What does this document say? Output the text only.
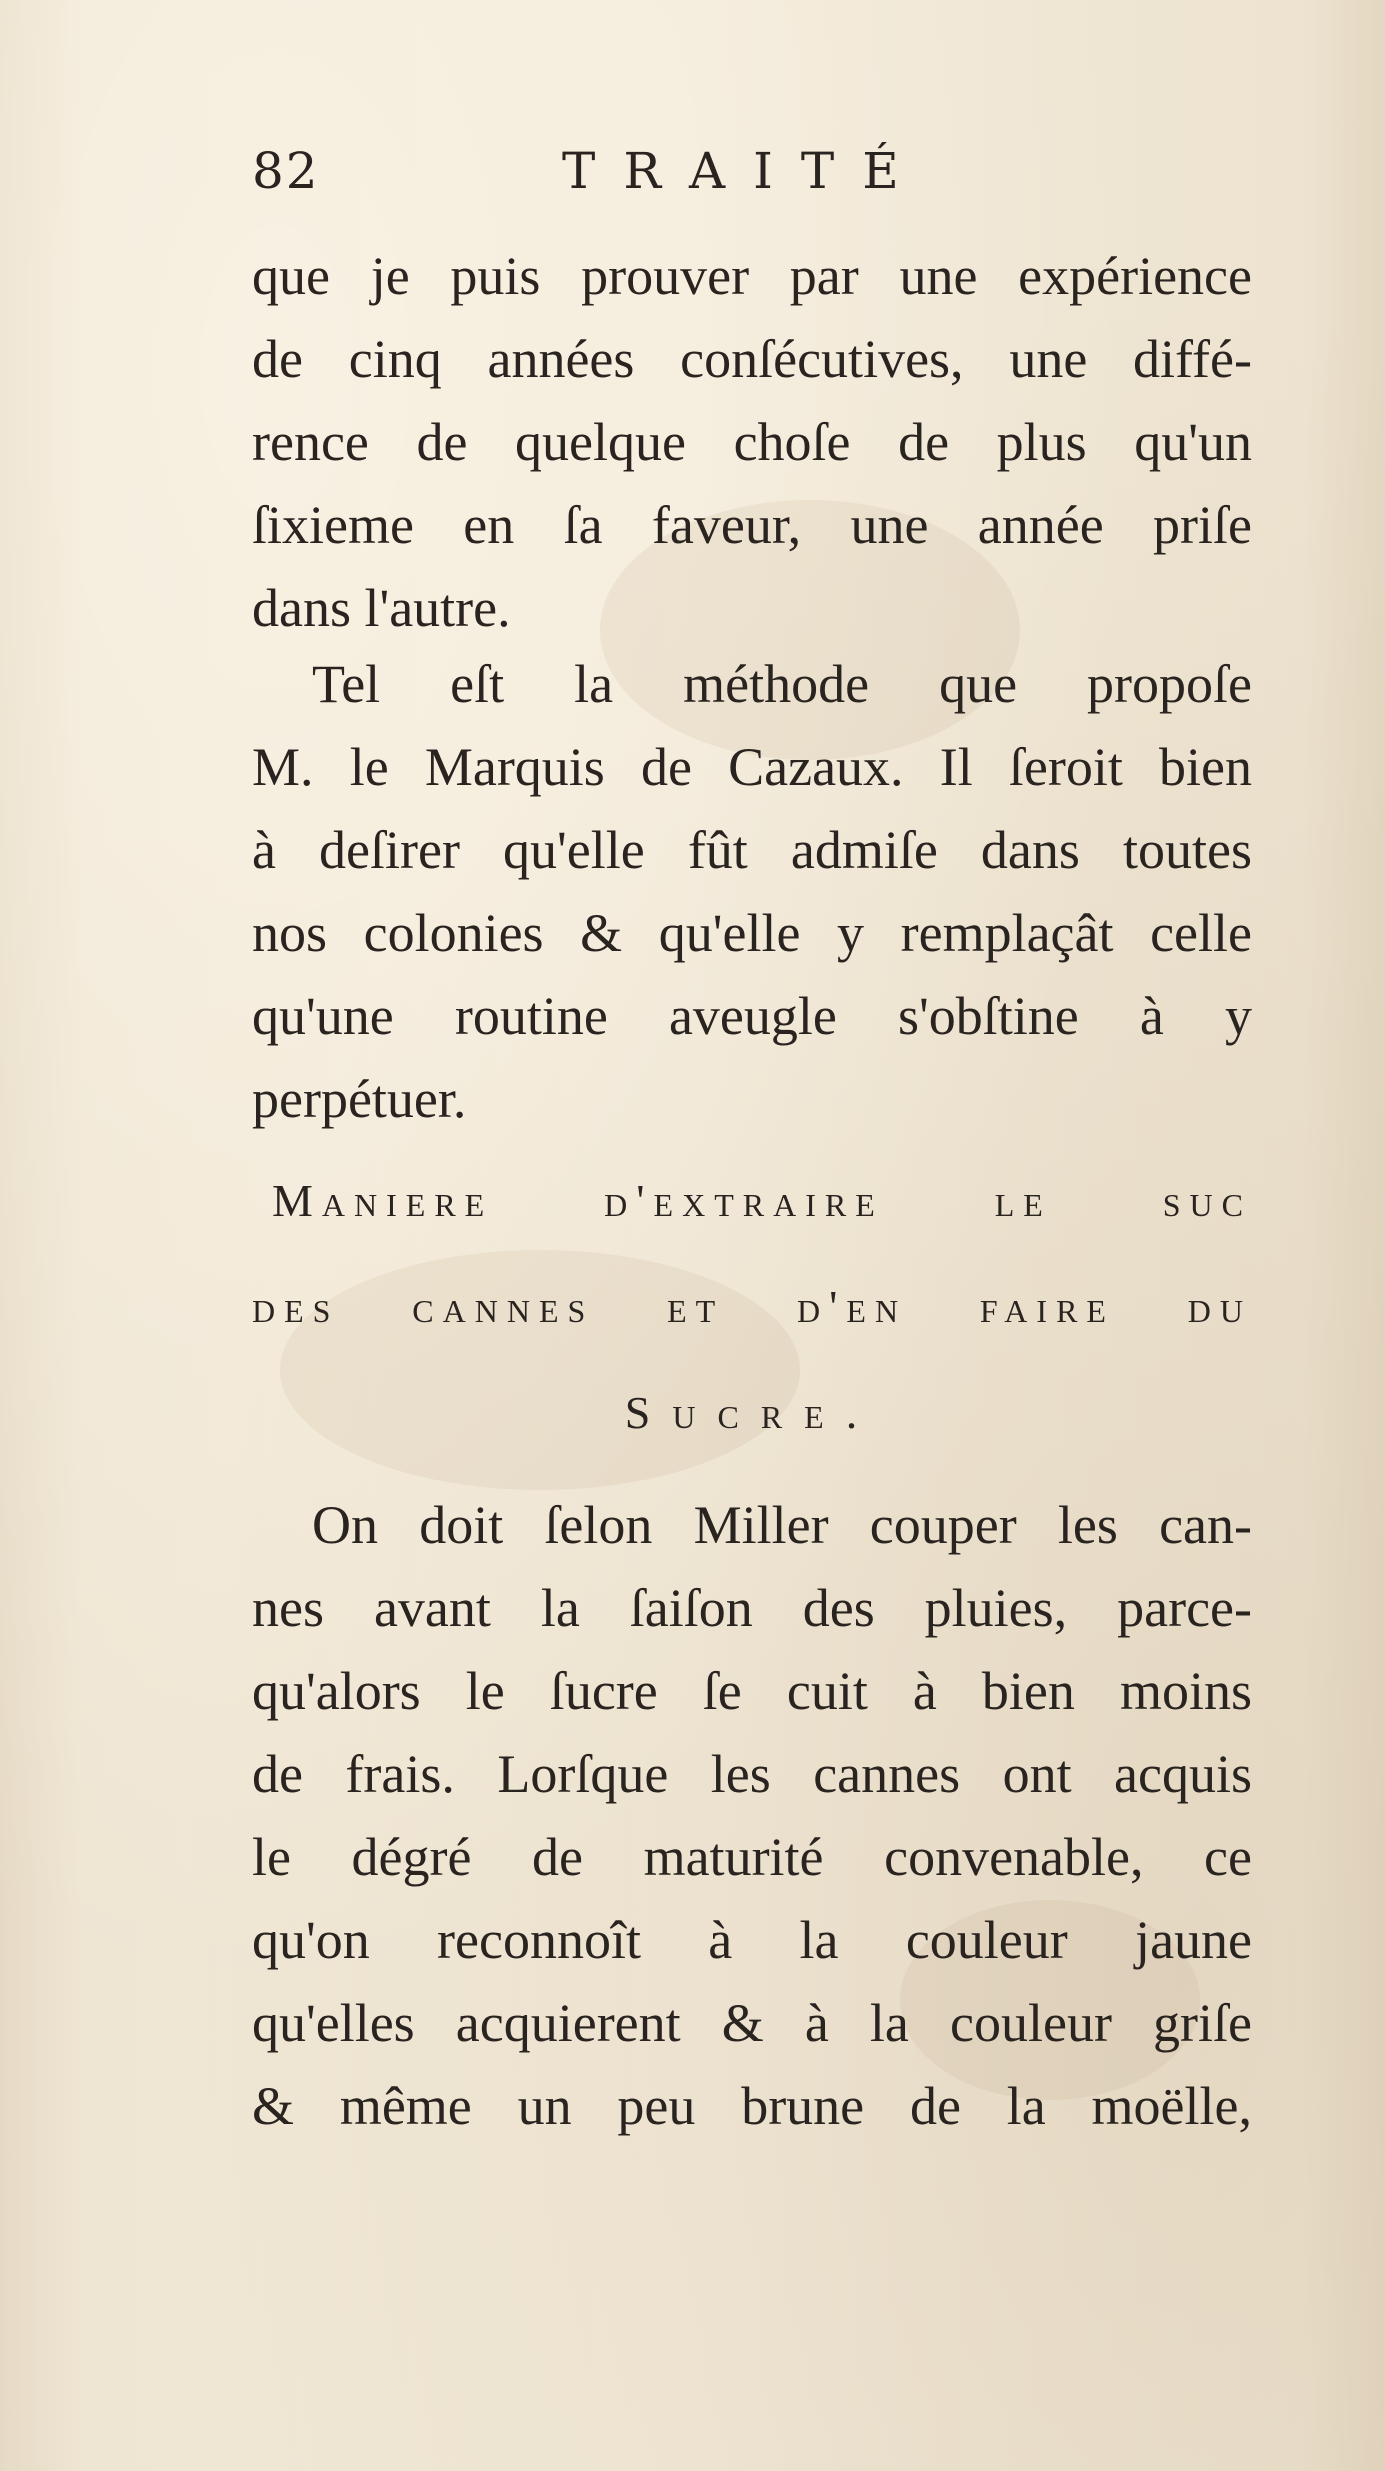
82	TRAITÉ
que je puis prouver par une expérience
de cinq années conſécutives, une diffé-
rence de quelque choſe de plus qu'un
ſixieme en ſa faveur, une année priſe
dans l'autre.
Tel eſt la méthode que propoſe
M. le Marquis de Cazaux. Il ſeroit bien
à deſirer qu'elle fût admiſe dans toutes
nos colonies & qu'elle y remplaçât celle
qu'une routine aveugle s'obſtine à y
perpétuer.
Maniere d'extraire le suc
des cannes et d'en faire du
Sucre.
On doit ſelon Miller couper les can-
nes avant la ſaiſon des pluies, parce-
qu'alors le ſucre ſe cuit à bien moins
de frais. Lorſque les cannes ont acquis
le dégré de maturité convenable, ce
qu'on reconnoît à la couleur jaune
qu'elles acquierent & à la couleur griſe
& même un peu brune de la moëlle,
